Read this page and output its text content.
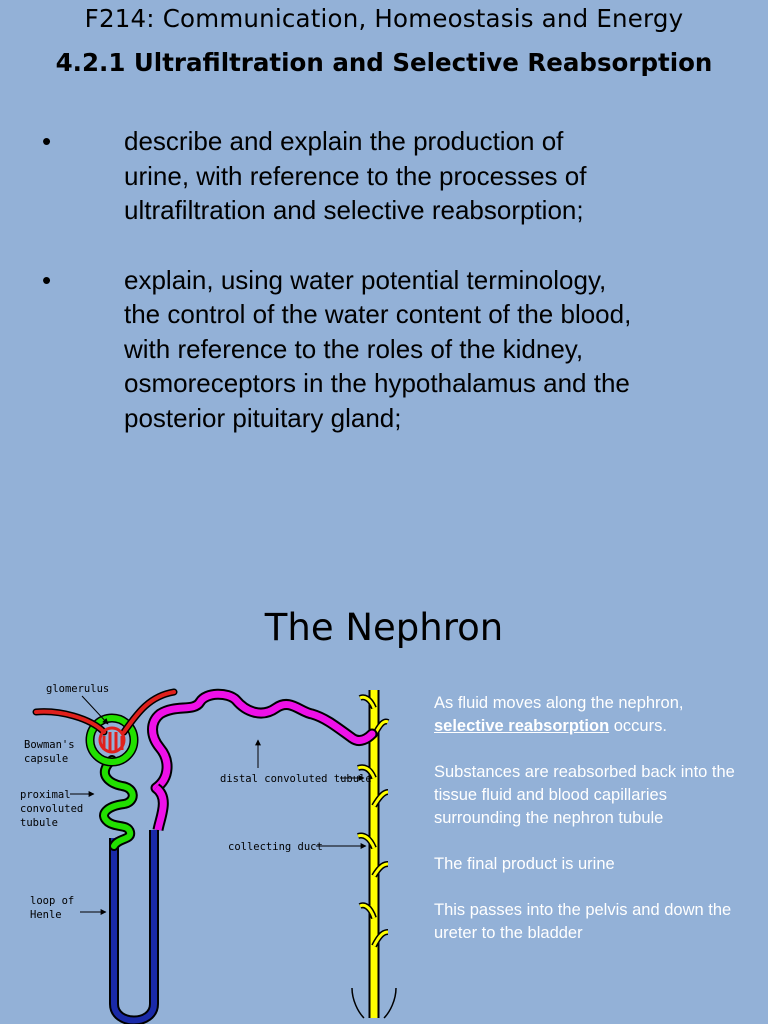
F214: Communication, Homeostasis and Energy
4.2.1 Ultrafiltration and Selective Reabsorption
•	describe and explain the production of
urine, with reference to the processes of
ultrafiltration and selective reabsorption;
•	explain, using water potential terminology,
the control of the water content of the blood,
with reference to the roles of the kidney,
osmoreceptors in the hypothalamus and the
posterior pituitary gland;
The Nephron
glomerulus
Bowman's
capsule
proximal
convoluted
tubule
loop of
Henle
distal convoluted tubule
collecting duct

As fluid moves along the nephron, selective reabsorption occurs.

Substances are reabsorbed back into the tissue fluid and blood capillaries surrounding the nephron tubule

The final product is urine

This passes into the pelvis and down the ureter to the bladder
